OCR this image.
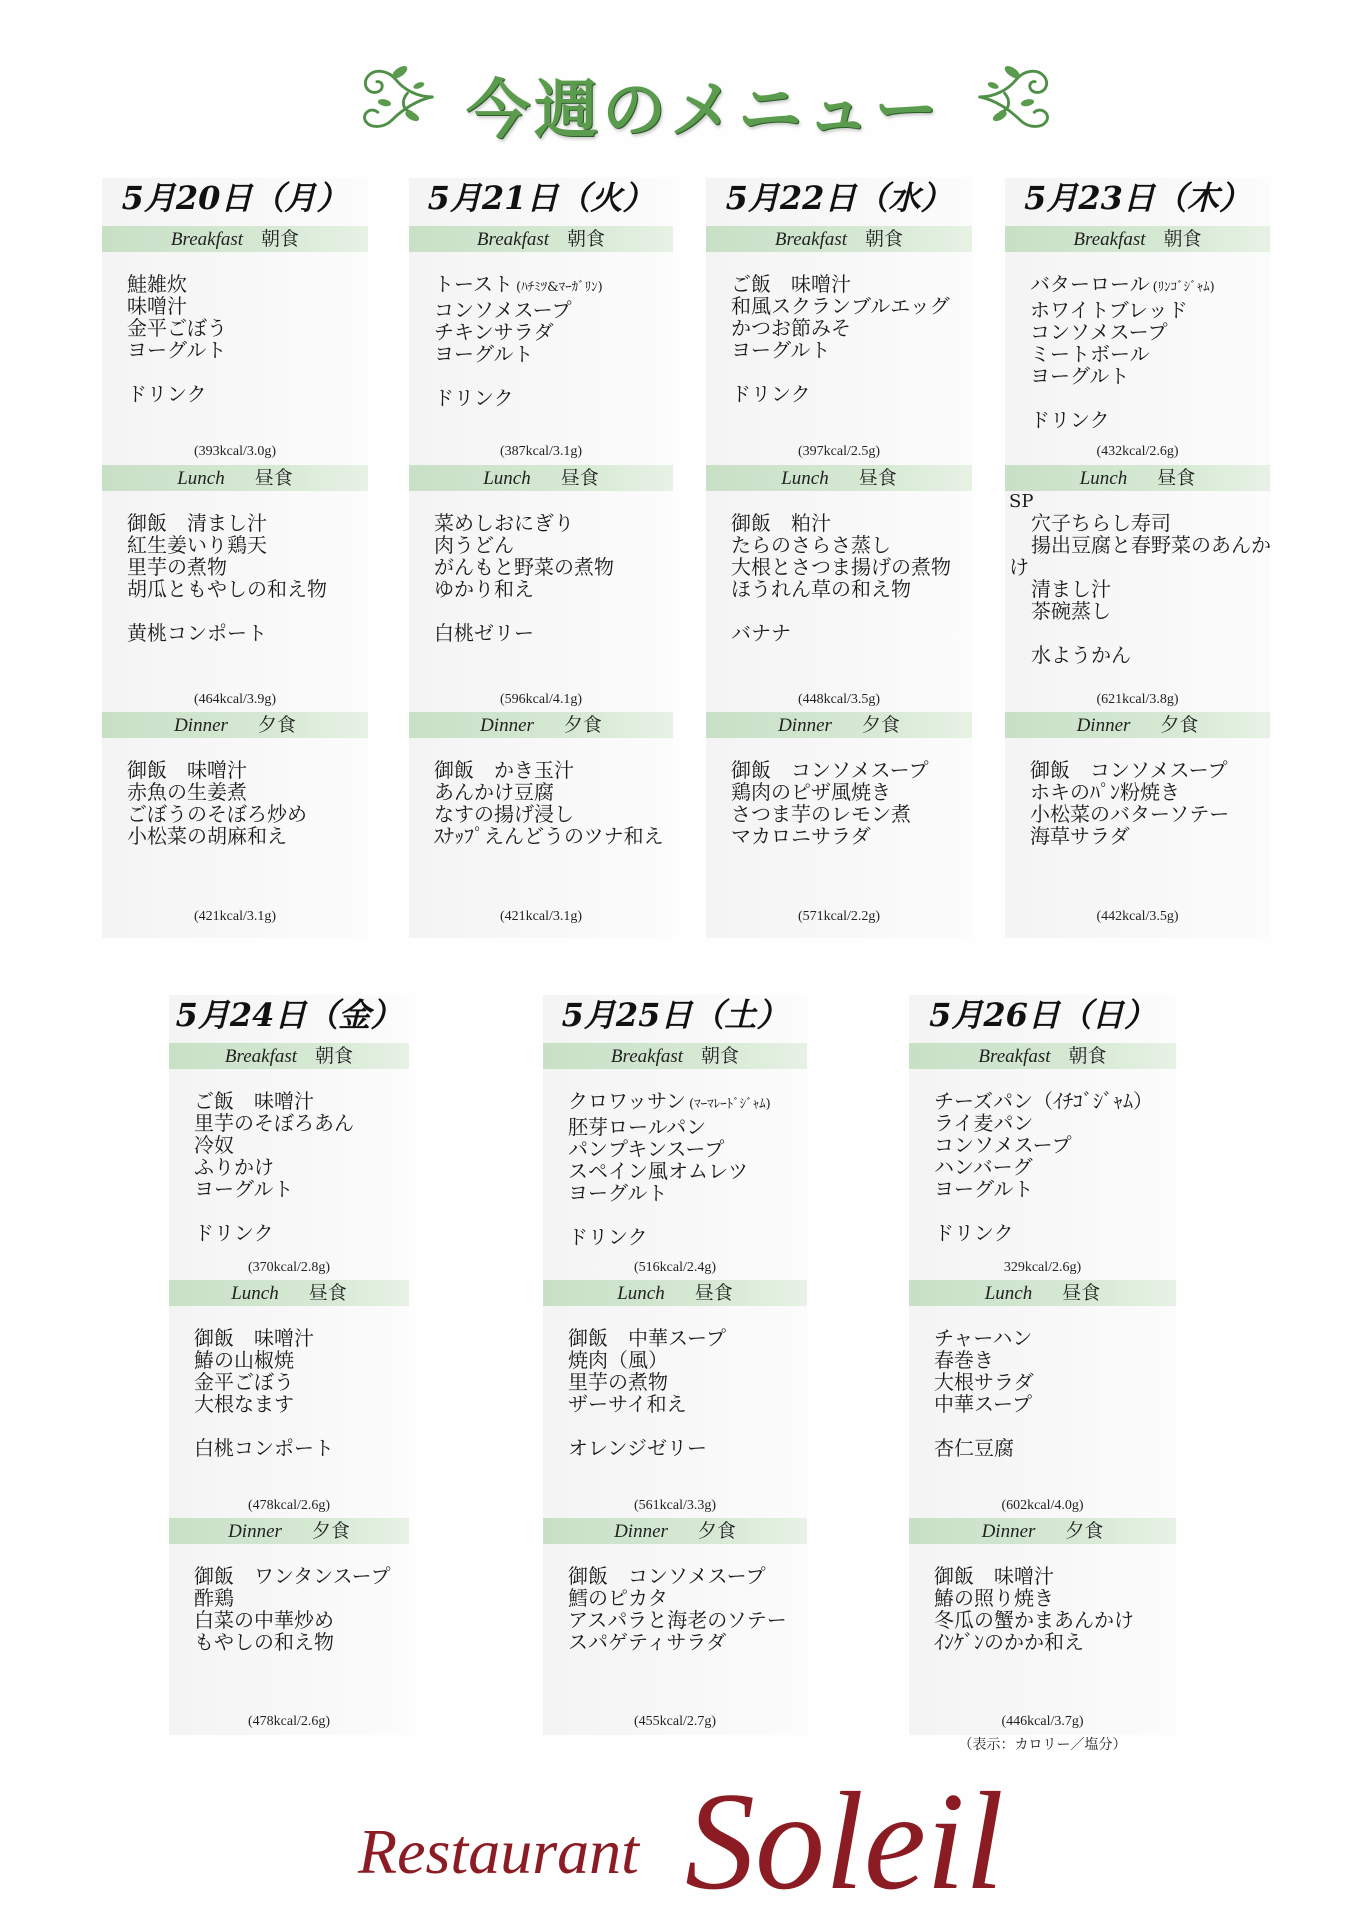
今週のメニュー
5月20日（月）
Breakfast 朝食
鮭雑炊
味噌汁
金平ごぼう
ヨーグルト
ドリンク
(393kcal/3.0g)
Lunch 昼食
御飯　清まし汁
紅生姜いり鶏天
里芋の煮物
胡瓜ともやしの和え物
黄桃コンポート
(464kcal/3.9g)
Dinner 夕食
御飯　味噌汁
赤魚の生姜煮
ごぼうのそぼろ炒め
小松菜の胡麻和え
(421kcal/3.1g)
5月21日（火）
Breakfast 朝食
トースト (ﾊﾁﾐﾂ&ﾏｰｶﾞﾘﾝ)
コンソメスープ
チキンサラダ
ヨーグルト
ドリンク
(387kcal/3.1g)
Lunch 昼食
菜めしおにぎり
肉うどん
がんもと野菜の煮物
ゆかり和え
白桃ゼリー
(596kcal/4.1g)
Dinner 夕食
御飯　かき玉汁
あんかけ豆腐
なすの揚げ浸し
ｽﾅｯﾌﾟえんどうのツナ和え
(421kcal/3.1g)
5月22日（水）
Breakfast 朝食
ご飯　味噌汁
和風スクランブルエッグ
かつお節みそ
ヨーグルト
ドリンク
(397kcal/2.5g)
Lunch 昼食
御飯　粕汁
たらのさらさ蒸し
大根とさつま揚げの煮物
ほうれん草の和え物
バナナ
(448kcal/3.5g)
Dinner 夕食
御飯　コンソメスープ
鶏肉のピザ風焼き
さつま芋のレモン煮
マカロニサラダ
(571kcal/2.2g)
5月23日（木）
Breakfast 朝食
バターロール (ﾘﾝｺﾞｼﾞｬﾑ)
ホワイトブレッド
コンソメスープ
ミートボール
ヨーグルト
ドリンク
(432kcal/2.6g)
Lunch 昼食
SP
穴子ちらし寿司
揚出豆腐と春野菜のあんかけ
清まし汁
茶碗蒸し
水ようかん
(621kcal/3.8g)
Dinner 夕食
御飯　コンソメスープ
ホキのﾊﾟﾝ粉焼き
小松菜のバターソテー
海草サラダ
(442kcal/3.5g)
5月24日（金）
Breakfast 朝食
ご飯　味噌汁
里芋のそぼろあん
冷奴
ふりかけ
ヨーグルト
ドリンク
(370kcal/2.8g)
Lunch 昼食
御飯　味噌汁
鰆の山椒焼
金平ごぼう
大根なます
白桃コンポート
(478kcal/2.6g)
Dinner 夕食
御飯　ワンタンスープ
酢鶏
白菜の中華炒め
もやしの和え物
(478kcal/2.6g)
5月25日（土）
Breakfast 朝食
クロワッサン (ﾏｰﾏﾚｰﾄﾞｼﾞｬﾑ)
胚芽ロールパン
パンプキンスープ
スペイン風オムレツ
ヨーグルト
ドリンク
(516kcal/2.4g)
Lunch 昼食
御飯　中華スープ
焼肉（風）
里芋の煮物
ザーサイ和え
オレンジゼリー
(561kcal/3.3g)
Dinner 夕食
御飯　コンソメスープ
鱈のピカタ
アスパラと海老のソテー
スパゲティサラダ
(455kcal/2.7g)
5月26日（日）
Breakfast 朝食
チーズパン（ｲﾁｺﾞｼﾞｬﾑ）
ライ麦パン
コンソメスープ
ハンバーグ
ヨーグルト
ドリンク
329kcal/2.6g)
Lunch 昼食
チャーハン
春巻き
大根サラダ
中華スープ
杏仁豆腐
(602kcal/4.0g)
Dinner 夕食
御飯　味噌汁
鰆の照り焼き
冬瓜の蟹かまあんかけ
ｲﾝｹﾞﾝのかか和え
(446kcal/3.7g)
（表示：カロリー／塩分）
Restaurant Soleil
